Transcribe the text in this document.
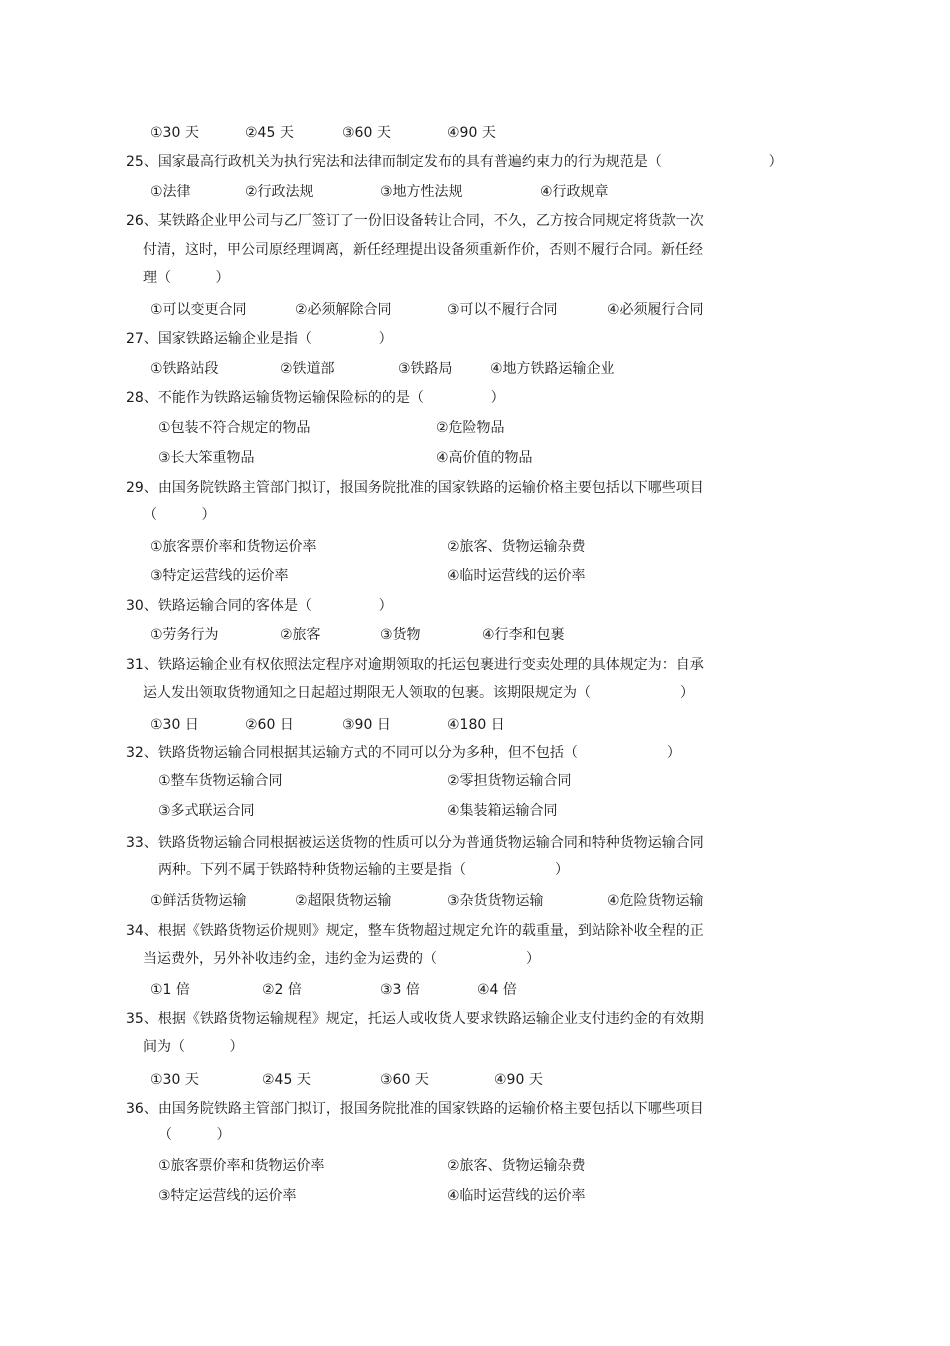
①30 天	②45 天	③60 天	④90 天
25、国家最高行政机关为执行宪法和法律而制定发布的具有普遍约束力的行为规范是（                        ）
①法律	②行政法规	③地方性法规	④行政规章
26、某铁路企业甲公司与乙厂签订了一份旧设备转让合同，不久，乙方按合同规定将货款一次
付清，这时，甲公司原经理调离，新任经理提出设备须重新作价，否则不履行合同。新任经
理（          ）
①可以变更合同	②必须解除合同	③可以不履行合同	④必须履行合同
27、国家铁路运输企业是指（               ）
①铁路站段	②铁道部	③铁路局	④地方铁路运输企业
28、不能作为铁路运输货物运输保险标的的是（               ）
①包装不符合规定的物品	②危险物品
③长大笨重物品	④高价值的物品
29、由国务院铁路主管部门拟订，报国务院批准的国家铁路的运输价格主要包括以下哪些项目
（          ）
①旅客票价率和货物运价率	②旅客、货物运输杂费
③特定运营线的运价率	④临时运营线的运价率
30、铁路运输合同的客体是（               ）
①劳务行为	②旅客	③货物	④行李和包裹
31、铁路运输企业有权依照法定程序对逾期领取的托运包裹进行变卖处理的具体规定为：自承
运人发出领取货物通知之日起超过期限无人领取的包裹。该期限规定为（                    ）
①30 日	②60 日	③90 日	④180 日
32、铁路货物运输合同根据其运输方式的不同可以分为多种，但不包括（                    ）
①整车货物运输合同	②零担货物运输合同
③多式联运合同	④集装箱运输合同
33、铁路货物运输合同根据被运送货物的性质可以分为普通货物运输合同和特种货物运输合同
两种。下列不属于铁路特种货物运输的主要是指（                    ）
①鲜活货物运输	②超限货物运输	③杂货货物运输	④危险货物运输
34、根据《铁路货物运价规则》规定，整车货物超过规定允许的载重量，到站除补收全程的正
当运费外，另外补收违约金，违约金为运费的（                    ）
①1 倍	②2 倍	③3 倍	④4 倍
35、根据《铁路货物运输规程》规定，托运人或收货人要求铁路运输企业支付违约金的有效期
间为（          ）
①30 天	②45 天	③60 天	④90 天
36、由国务院铁路主管部门拟订，报国务院批准的国家铁路的运输价格主要包括以下哪些项目
（          ）
①旅客票价率和货物运价率	②旅客、货物运输杂费
③特定运营线的运价率	④临时运营线的运价率
